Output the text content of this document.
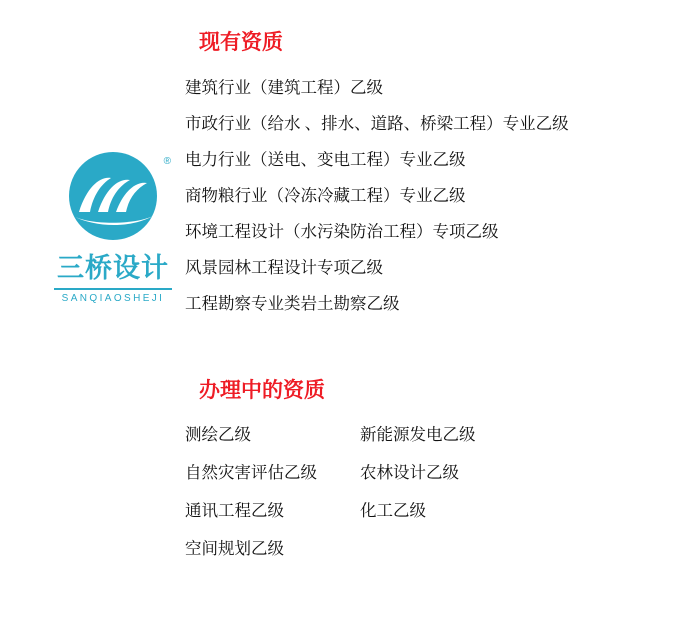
®
三桥设计
SANQIAOSHEJI
现有资质
建筑行业（建筑工程）乙级
市政行业（给水 、排水、道路、桥梁工程）专业乙级
电力行业（送电、变电工程）专业乙级
商物粮行业（冷冻冷藏工程）专业乙级
环境工程设计（水污染防治工程）专项乙级
风景园林工程设计专项乙级
工程勘察专业类岩土勘察乙级
办理中的资质
测绘乙级	新能源发电乙级
自然灾害评估乙级	农林设计乙级
通讯工程乙级	化工乙级
空间规划乙级
